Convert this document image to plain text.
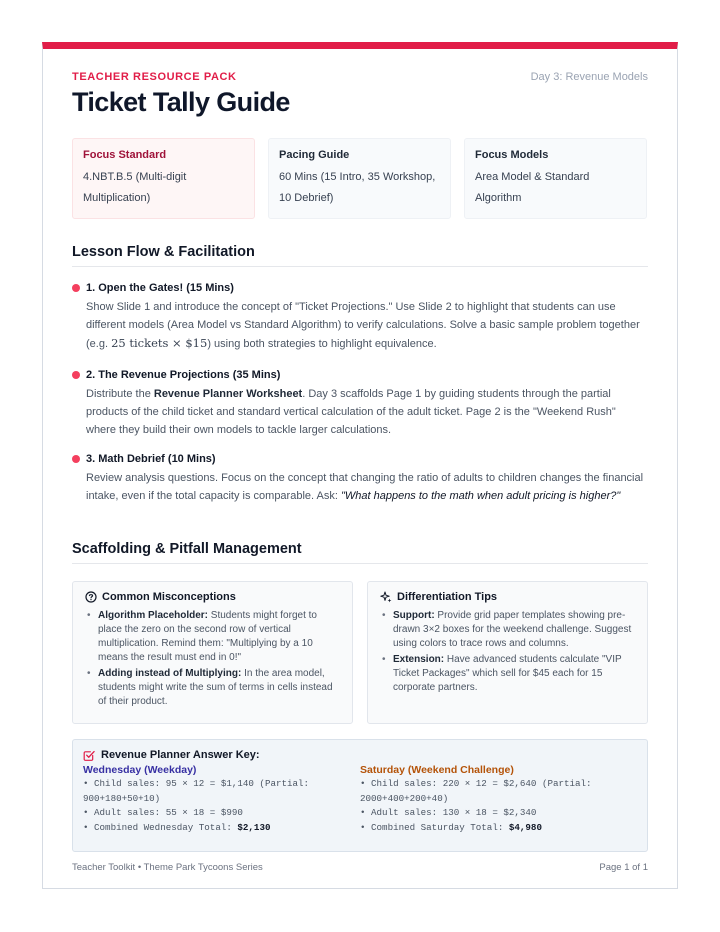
TEACHER RESOURCE PACK	Day 3: Revenue Models
Ticket Tally Guide
Focus Standard
4.NBT.B.5 (Multi-digit Multiplication)
Pacing Guide
60 Mins (15 Intro, 35 Workshop, 10 Debrief)
Focus Models
Area Model & Standard Algorithm
Lesson Flow & Facilitation
1. Open the Gates! (15 Mins)
Show Slide 1 and introduce the concept of "Ticket Projections." Use Slide 2 to highlight that students can use different models (Area Model vs Standard Algorithm) to verify calculations. Solve a basic sample problem together (e.g. 25 tickets × $15) using both strategies to highlight equivalence.
2. The Revenue Projections (35 Mins)
Distribute the Revenue Planner Worksheet. Day 3 scaffolds Page 1 by guiding students through the partial products of the child ticket and standard vertical calculation of the adult ticket. Page 2 is the "Weekend Rush" where they build their own models to tackle larger calculations.
3. Math Debrief (10 Mins)
Review analysis questions. Focus on the concept that changing the ratio of adults to children changes the financial intake, even if the total capacity is comparable. Ask: "What happens to the math when adult pricing is higher?"
Scaffolding & Pitfall Management
Common Misconceptions
• Algorithm Placeholder: Students might forget to place the zero on the second row of vertical multiplication. Remind them: "Multiplying by a 10 means the result must end in 0!"
• Adding instead of Multiplying: In the area model, students might write the sum of terms in cells instead of their product.
Differentiation Tips
• Support: Provide grid paper templates showing pre-drawn 3×2 boxes for the weekend challenge. Suggest using colors to trace rows and columns.
• Extension: Have advanced students calculate "VIP Ticket Packages" which sell for $45 each for 15 corporate partners.
Revenue Planner Answer Key:
Wednesday (Weekday)
• Child sales: 95 × 12 = $1,140 (Partial:
900+180+50+10)
• Adult sales: 55 × 18 = $990
• Combined Wednesday Total: $2,130
Saturday (Weekend Challenge)
• Child sales: 220 × 12 = $2,640 (Partial:
2000+400+200+40)
• Adult sales: 130 × 18 = $2,340
• Combined Saturday Total: $4,980
Teacher Toolkit • Theme Park Tycoons Series	Page 1 of 1
